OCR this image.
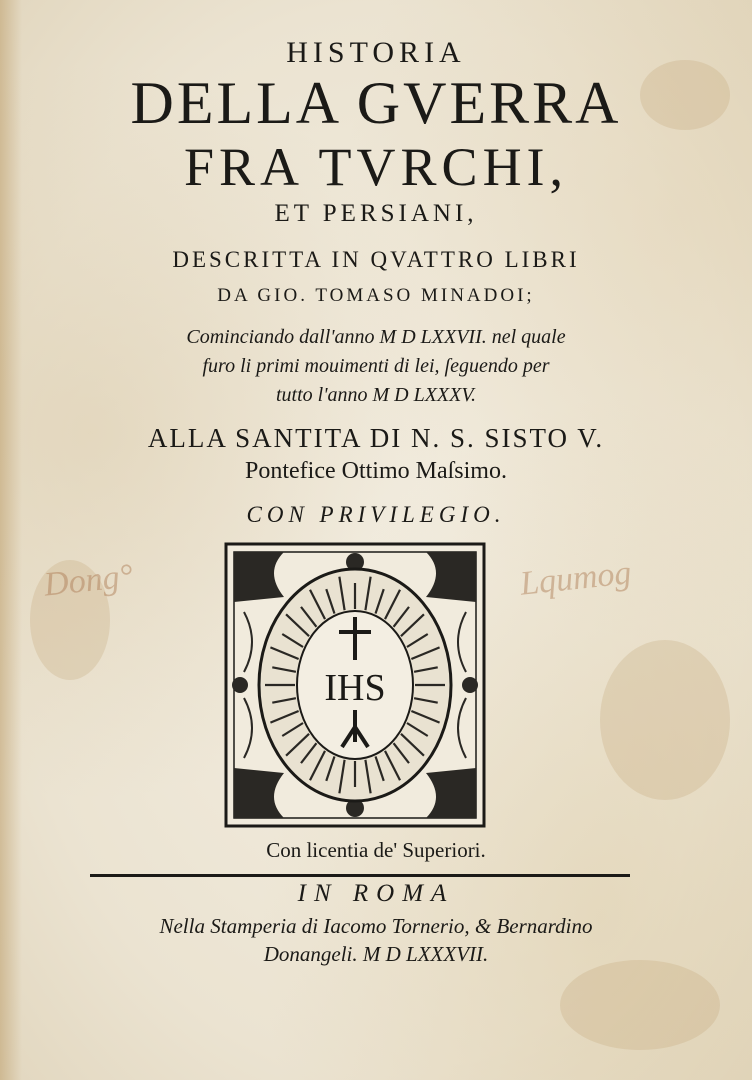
HISTORIA
DELLA GVERRA
FRA TVRCHI,
ET PERSIANI,
DESCRITTA IN QVATTRO LIBRI
DA GIO. TOMASO MINADOI;
Cominciando dall'anno M D LXXVII. nel quale
furo li primi mouimenti di lei, ſeguendo per
tutto l'anno M D LXXXV.
ALLA SANTITA DI N. S. SISTO V.
Pontefice Ottimo Maſsimo.
CON PRIVILEGIO.
Dong°	Lqumog
IHS
Con licentia de' Superiori.
IN ROMA
Nella Stamperia di Iacomo Tornerio, & Bernardino
Donangeli. M D LXXXVII.
